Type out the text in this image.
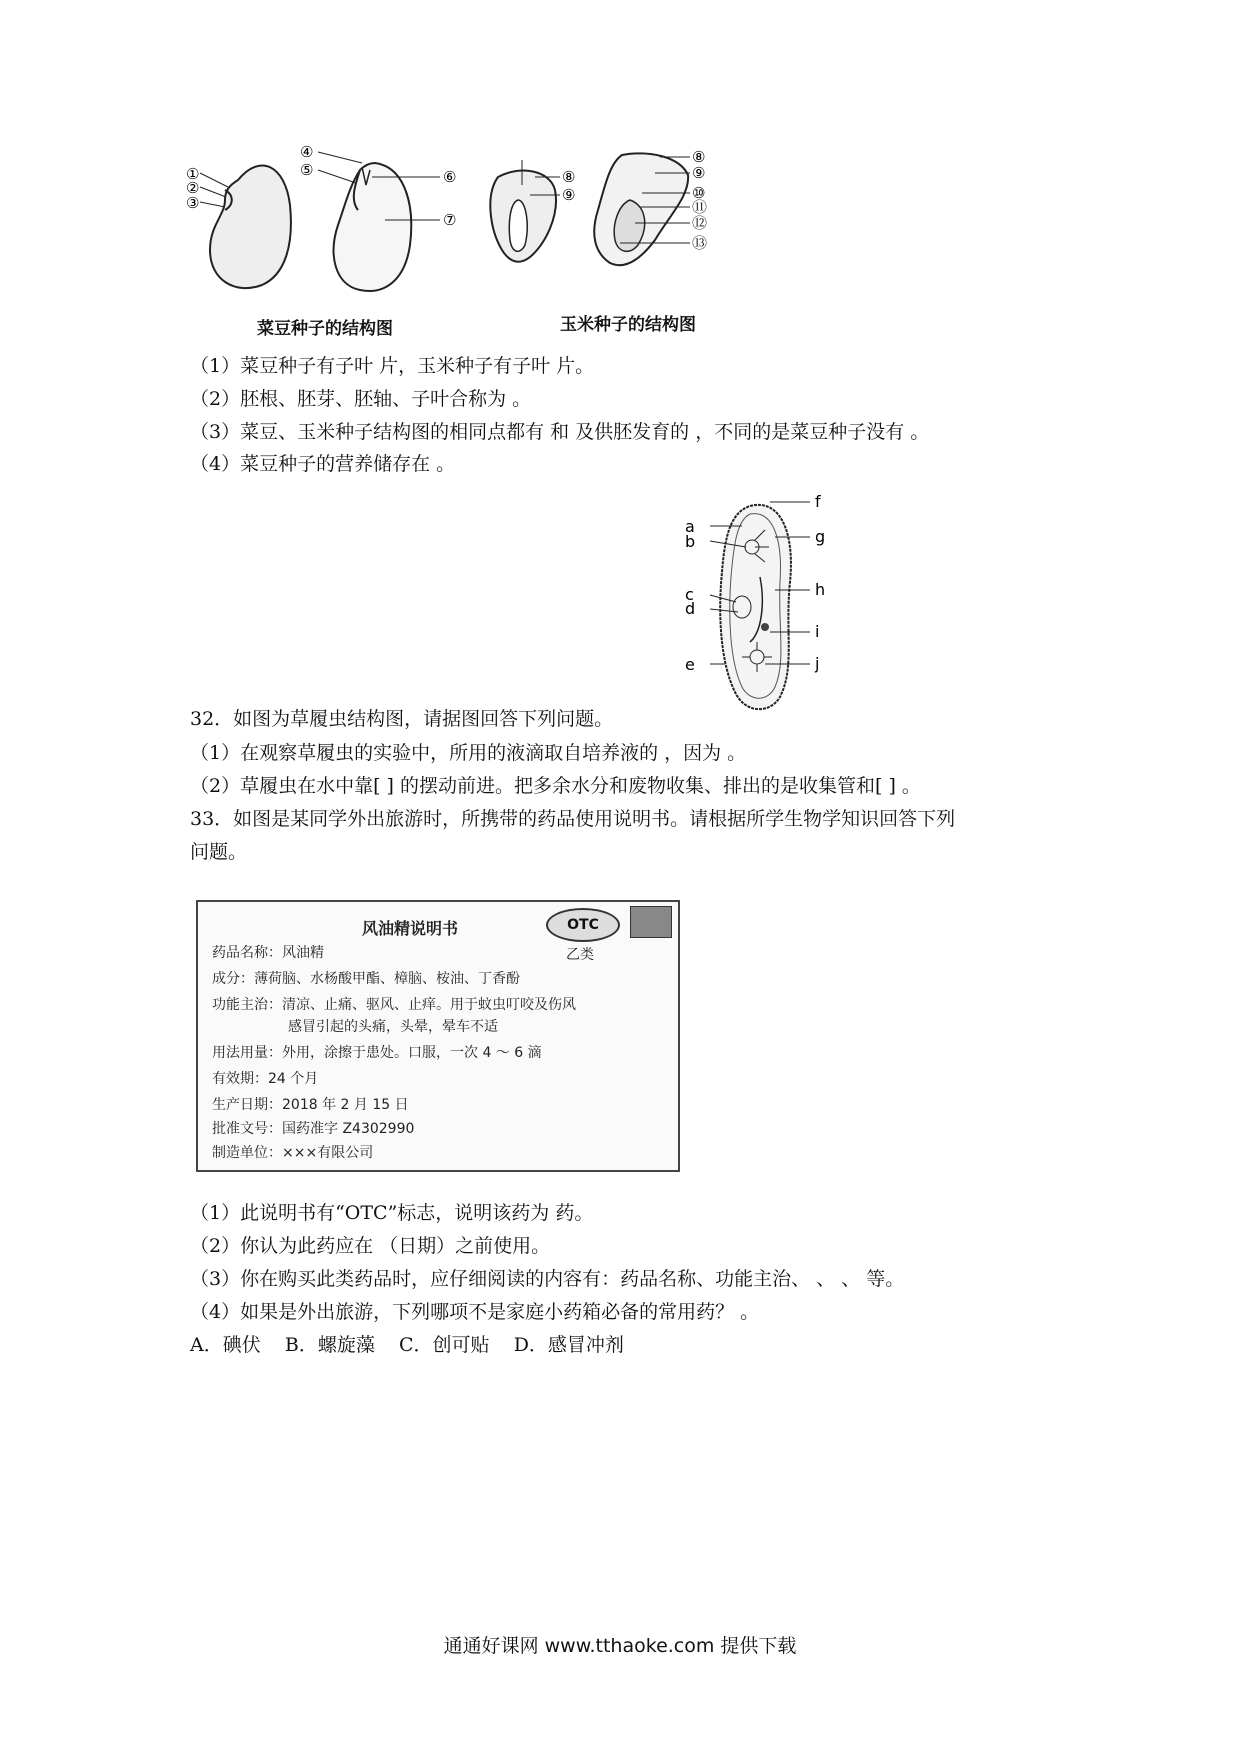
①
②
③
④
⑤	⑥
⑦
⑧
⑨
⑧
⑨
⑩
⑪
⑫
⑬
菜豆种子的结构图	玉米种子的结构图
（1）菜豆种子有子叶 片，玉米种子有子叶 片。
（2）胚根、胚芽、胚轴、子叶合称为 。
（3）菜豆、玉米种子结构图的相同点都有 和 及供胚发育的 ，不同的是菜豆种子没有 。
（4）菜豆种子的营养储存在 。
a
b
c
d
e
f
g
h
i
j
32．如图为草履虫结构图，请据图回答下列问题。
（1）在观察草履虫的实验中，所用的液滴取自培养液的 ，因为 。
（2）草履虫在水中靠[ ] 的摆动前进。把多余水分和废物收集、排出的是收集管和[ ] 。
33．如图是某同学外出旅游时，所携带的药品使用说明书。请根据所学生物学知识回答下列
问题。
风油精说明书	OTC
乙类
药品名称：风油精
成分：薄荷脑、水杨酸甲酯、樟脑、桉油、丁香酚
功能主治：清凉、止痛、驱风、止痒。用于蚊虫叮咬及伤风
感冒引起的头痛，头晕，晕车不适
用法用量：外用，涂擦于患处。口服，一次 4 ～ 6 滴
有效期：24 个月
生产日期：2018 年 2 月 15 日
批准文号：国药准字 Z4302990
制造单位：×××有限公司
（1）此说明书有“OTC”标志，说明该药为 药。
（2）你认为此药应在 （日期）之前使用。
（3）你在购买此类药品时，应仔细阅读的内容有：药品名称、功能主治、 、 、 等。
（4）如果是外出旅游，下列哪项不是家庭小药箱必备的常用药？ 。
A．碘伏    B．螺旋藻    C．创可贴    D．感冒冲剂
通通好课网 www.tthaoke.com 提供下载
